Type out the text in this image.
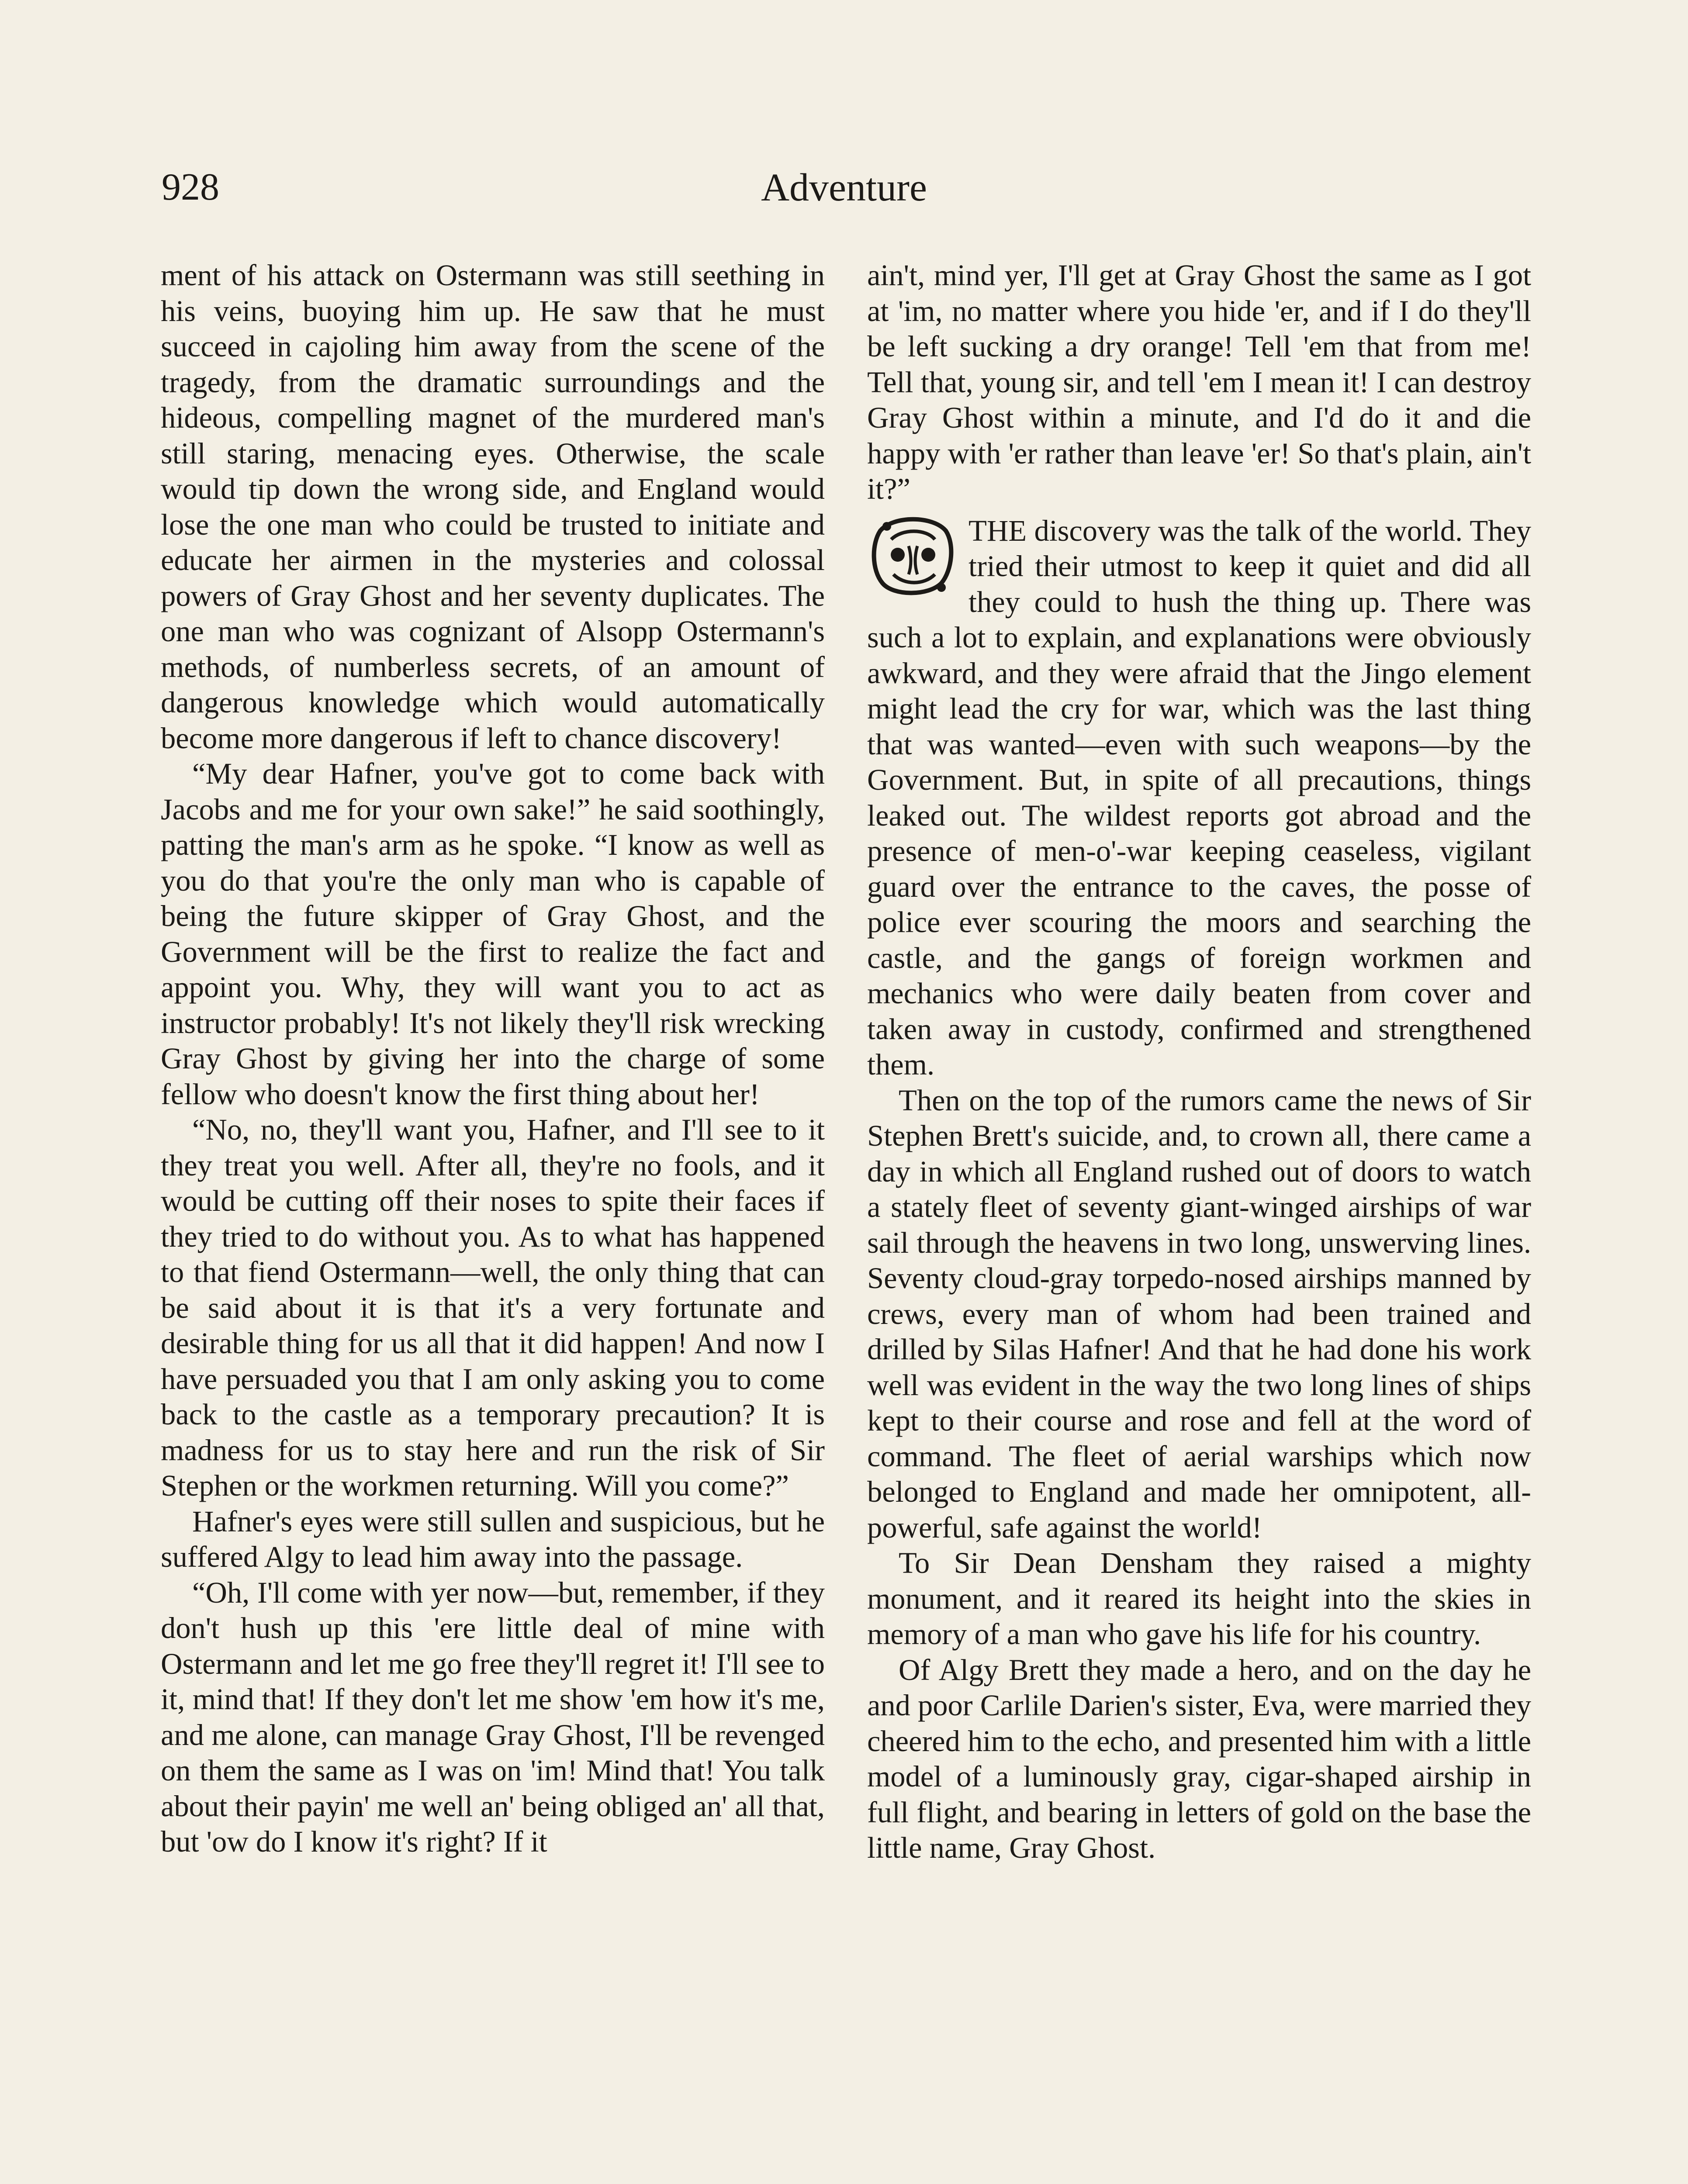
928	Adventure

ment of his attack on Ostermann was still seething in his veins, buoying him up. He saw that he must succeed in cajoling him away from the scene of the tragedy, from the dramatic surroundings and the hideous, compelling magnet of the murdered man's still staring, menacing eyes. Otherwise, the scale would tip down the wrong side, and England would lose the one man who could be trusted to initiate and educate her airmen in the mysteries and colossal powers of Gray Ghost and her seventy duplicates. The one man who was cognizant of Alsopp Ostermann's methods, of numberless secrets, of an amount of dangerous knowledge which would automatically become more dangerous if left to chance discovery!

“My dear Hafner, you've got to come back with Jacobs and me for your own sake!” he said soothingly, patting the man's arm as he spoke. “I know as well as you do that you're the only man who is capable of being the future skipper of Gray Ghost, and the Government will be the first to realize the fact and appoint you. Why, they will want you to act as instructor probably! It's not likely they'll risk wrecking Gray Ghost by giving her into the charge of some fellow who doesn't know the first thing about her!

“No, no, they'll want you, Hafner, and I'll see to it they treat you well. After all, they're no fools, and it would be cutting off their noses to spite their faces if they tried to do without you. As to what has happened to that fiend Ostermann—well, the only thing that can be said about it is that it's a very fortunate and desirable thing for us all that it did happen! And now I have persuaded you that I am only asking you to come back to the castle as a temporary precaution? It is madness for us to stay here and run the risk of Sir Stephen or the workmen returning. Will you come?”

Hafner's eyes were still sullen and suspicious, but he suffered Algy to lead him away into the passage.

“Oh, I'll come with yer now—but, remember, if they don't hush up this 'ere little deal of mine with Ostermann and let me go free they'll regret it! I'll see to it, mind that! If they don't let me show 'em how it's me, and me alone, can manage Gray Ghost, I'll be revenged on them the same as I was on 'im! Mind that! You talk about their payin' me well an' being obliged an' all that, but 'ow do I know it's right? If it

ain't, mind yer, I'll get at Gray Ghost the same as I got at 'im, no matter where you hide 'er, and if I do they'll be left sucking a dry orange! Tell 'em that from me! Tell that, young sir, and tell 'em I mean it! I can destroy Gray Ghost within a minute, and I'd do it and die happy with 'er rather than leave 'er! So that's plain, ain't it?”

THE discovery was the talk of the world. They tried their utmost to keep it quiet and did all they could to hush the thing up. There was such a lot to explain, and explanations were obviously awkward, and they were afraid that the Jingo element might lead the cry for war, which was the last thing that was wanted—even with such weapons—by the Government. But, in spite of all precautions, things leaked out. The wildest reports got abroad and the presence of men-o'-war keeping ceaseless, vigilant guard over the entrance to the caves, the posse of police ever scouring the moors and searching the castle, and the gangs of foreign workmen and mechanics who were daily beaten from cover and taken away in custody, confirmed and strengthened them.

Then on the top of the rumors came the news of Sir Stephen Brett's suicide, and, to crown all, there came a day in which all England rushed out of doors to watch a stately fleet of seventy giant-winged airships of war sail through the heavens in two long, unswerving lines. Seventy cloud-gray torpedo-nosed airships manned by crews, every man of whom had been trained and drilled by Silas Hafner! And that he had done his work well was evident in the way the two long lines of ships kept to their course and rose and fell at the word of command. The fleet of aerial warships which now belonged to England and made her omnipotent, all-powerful, safe against the world!

To Sir Dean Densham they raised a mighty monument, and it reared its height into the skies in memory of a man who gave his life for his country.

Of Algy Brett they made a hero, and on the day he and poor Carlile Darien's sister, Eva, were married they cheered him to the echo, and presented him with a little model of a luminously gray, cigar-shaped airship in full flight, and bearing in letters of gold on the base the little name, Gray Ghost.
